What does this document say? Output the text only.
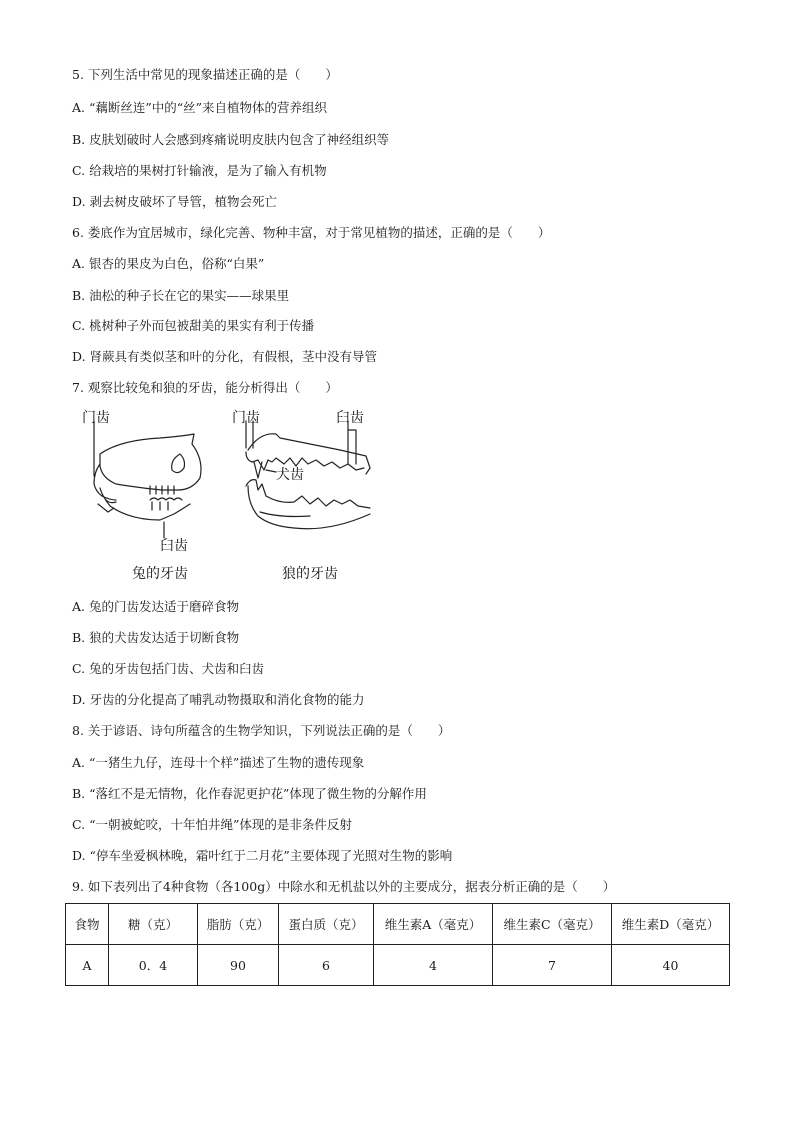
5. 下列生活中常见的现象描述正确的是（　　）
A. “藕断丝连”中的“丝”来自植物体的营养组织
B. 皮肤划破时人会感到疼痛说明皮肤内包含了神经组织等
C. 给栽培的果树打针输液，是为了输入有机物
D. 剥去树皮破坏了导管，植物会死亡
6. 娄底作为宜居城市，绿化完善、物种丰富，对于常见植物的描述，正确的是（　　）
A. 银杏的果皮为白色，俗称“白果”
B. 油松的种子长在它的果实——球果里
C. 桃树种子外而包被甜美的果实有利于传播
D. 肾蕨具有类似茎和叶的分化，有假根，茎中没有导管
7. 观察比较兔和狼的牙齿，能分析得出（　　）
门齿
臼齿
兔的牙齿
门齿	臼齿
犬齿
狼的牙齿
A. 兔的门齿发达适于磨碎食物
B. 狼的犬齿发达适于切断食物
C. 兔的牙齿包括门齿、犬齿和臼齿
D. 牙齿的分化提高了哺乳动物摄取和消化食物的能力
8. 关于谚语、诗句所蕴含的生物学知识，下列说法正确的是（　　）
A. “一猪生九仔，连母十个样”描述了生物的遗传现象
B. “落红不是无情物，化作春泥更护花”体现了微生物的分解作用
C. “一朝被蛇咬，十年怕井绳”体现的是非条件反射
D. “停车坐爱枫林晚，霜叶红于二月花”主要体现了光照对生物的影响
9. 如下表列出了4种食物（各100g）中除水和无机盐以外的主要成分，据表分析正确的是（　　）
食物	糖（克）	脂肪（克）	蛋白质（克）	维生素A（毫克）	维生素C（毫克）	维生素D（毫克）
A	0．4	90	6	4	7	40
